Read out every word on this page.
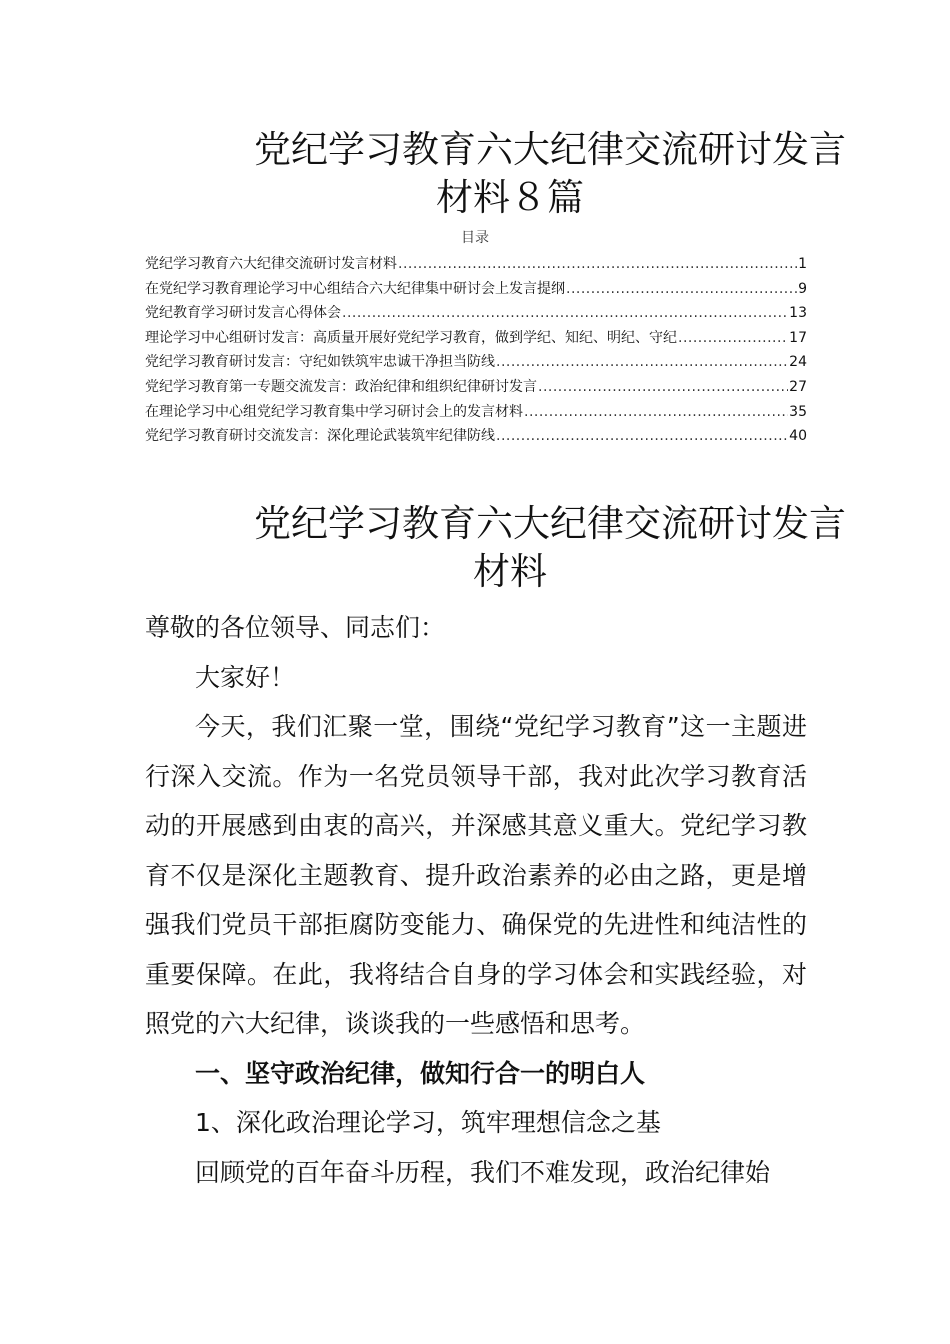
党纪学习教育六大纪律交流研讨发言
材料８篇
目录
党纪学习教育六大纪律交流研讨发言材料 .....	1
在党纪学习教育理论学习中心组结合六大纪律集中研讨会上发言提纲 .....	9
党纪教育学习研讨发言心得体会 .....	13
理论学习中心组研讨发言：高质量开展好党纪学习教育，做到学纪、知纪、明纪、守纪 .....	17
党纪学习教育研讨发言：守纪如铁筑牢忠诚干净担当防线 .....	24
党纪学习教育第一专题交流发言：政治纪律和组织纪律研讨发言 .....	27
在理论学习中心组党纪学习教育集中学习研讨会上的发言材料 .....	35
党纪学习教育研讨交流发言：深化理论武装筑牢纪律防线 .....	40
党纪学习教育六大纪律交流研讨发言
材料

尊敬的各位领导、同志们：

大家好！

今天，我们汇聚一堂，围绕“党纪学习教育”这一主题进行深入交流。作为一名党员领导干部，我对此次学习教育活动的开展感到由衷的高兴，并深感其意义重大。党纪学习教育不仅是深化主题教育、提升政治素养的必由之路，更是增强我们党员干部拒腐防变能力、确保党的先进性和纯洁性的重要保障。在此，我将结合自身的学习体会和实践经验，对照党的六大纪律，谈谈我的一些感悟和思考。

一、坚守政治纪律，做知行合一的明白人

1、深化政治理论学习，筑牢理想信念之基

回顾党的百年奋斗历程，我们不难发现，政治纪律始
